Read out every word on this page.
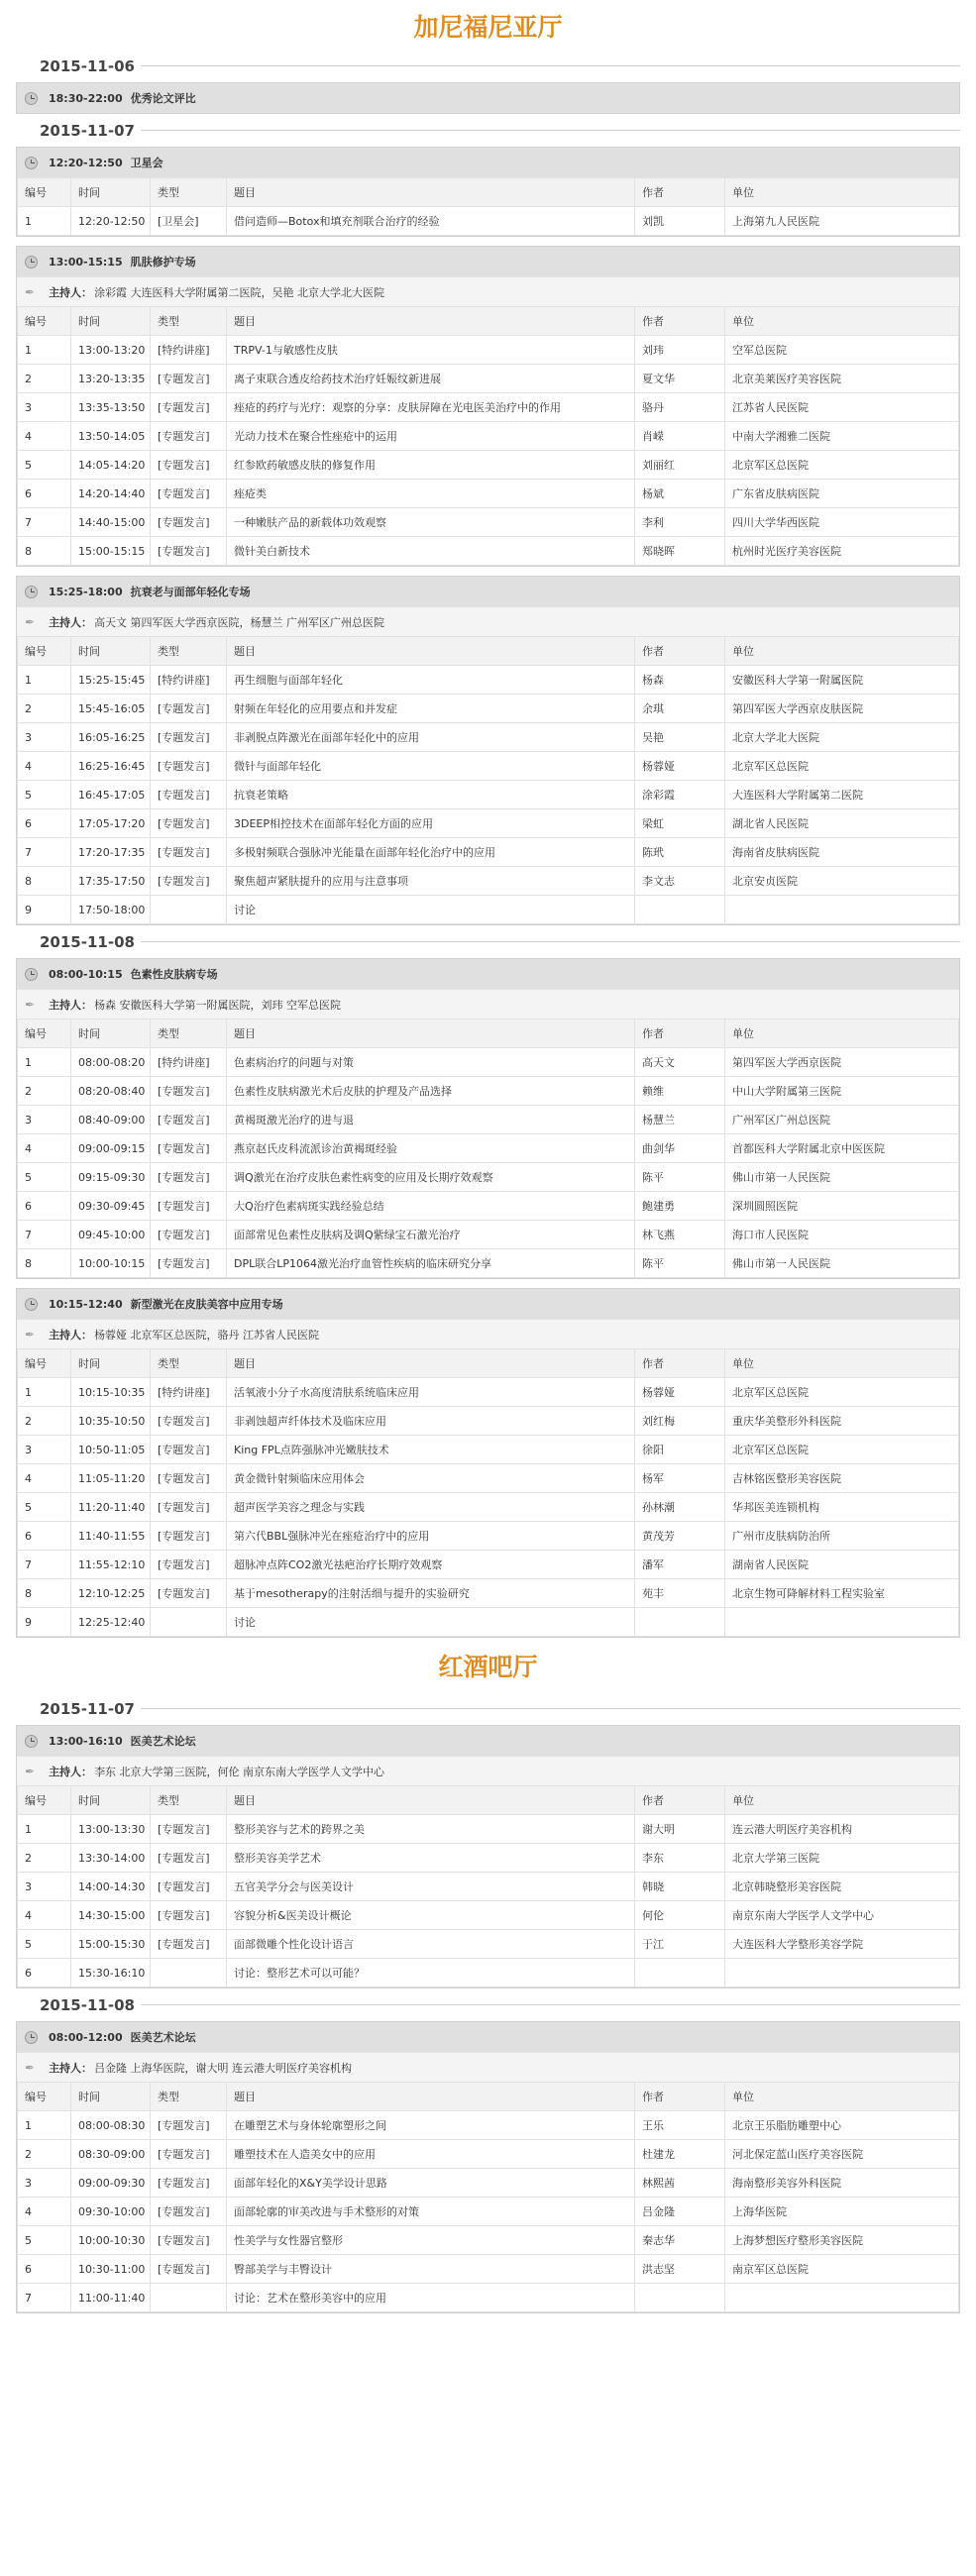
加尼福尼亚厅
2015-11-06
18:30-22:00 优秀论文评比
2015-11-07
12:20-12:50 卫星会
编号	时间	类型	题目	作者	单位
1	12:20-12:50	[卫星会]	借问造师—Botox和填充剂联合治疗的经验	刘凯	上海第九人民医院
13:00-15:15 肌肤修护专场
✒ 主持人： 涂彩霞 大连医科大学附属第二医院，吴艳 北京大学北大医院
编号	时间	类型	题目	作者	单位
1	13:00-13:20	[特约讲座]	TRPV-1与敏感性皮肤	刘玮	空军总医院
2	13:20-13:35	[专题发言]	离子束联合透皮给药技术治疗妊娠纹新进展	夏文华	北京美莱医疗美容医院
3	13:35-13:50	[专题发言]	痤疮的药疗与光疗：观察的分享：皮肤屏障在光电医美治疗中的作用	骆丹	江苏省人民医院
4	13:50-14:05	[专题发言]	光动力技术在聚合性痤疮中的运用	肖嵘	中南大学湘雅二医院
5	14:05-14:20	[专题发言]	红参欧药敏感皮肤的修复作用	刘丽红	北京军区总医院
6	14:20-14:40	[专题发言]	痤疮类	杨斌	广东省皮肤病医院
7	14:40-15:00	[专题发言]	一种嫩肤产品的新载体功效观察	李利	四川大学华西医院
8	15:00-15:15	[专题发言]	微针美白新技术	郑晓晖	杭州时光医疗美容医院
15:25-18:00 抗衰老与面部年轻化专场
✒ 主持人： 高天文 第四军医大学西京医院，杨慧兰 广州军区广州总医院
编号	时间	类型	题目	作者	单位
1	15:25-15:45	[特约讲座]	再生细胞与面部年轻化	杨森	安徽医科大学第一附属医院
2	15:45-16:05	[专题发言]	射频在年轻化的应用要点和并发症	余琪	第四军医大学西京皮肤医院
3	16:05-16:25	[专题发言]	非剥脱点阵激光在面部年轻化中的应用	吴艳	北京大学北大医院
4	16:25-16:45	[专题发言]	微针与面部年轻化	杨蓉娅	北京军区总医院
5	16:45-17:05	[专题发言]	抗衰老策略	涂彩霞	大连医科大学附属第二医院
6	17:05-17:20	[专题发言]	3DEEP相控技术在面部年轻化方面的应用	梁虹	湖北省人民医院
7	17:20-17:35	[专题发言]	多极射频联合强脉冲光能量在面部年轻化治疗中的应用	陈玳	海南省皮肤病医院
8	17:35-17:50	[专题发言]	聚焦超声紧肤提升的应用与注意事项	李文志	北京安贞医院
9	17:50-18:00		讨论		
2015-11-08
08:00-10:15 色素性皮肤病专场
✒ 主持人： 杨森 安徽医科大学第一附属医院，刘玮 空军总医院
编号	时间	类型	题目	作者	单位
1	08:00-08:20	[特约讲座]	色素病治疗的问题与对策	高天文	第四军医大学西京医院
2	08:20-08:40	[专题发言]	色素性皮肤病激光术后皮肤的护理及产品选择	赖维	中山大学附属第三医院
3	08:40-09:00	[专题发言]	黄褐斑激光治疗的进与退	杨慧兰	广州军区广州总医院
4	09:00-09:15	[专题发言]	燕京赵氏皮科流派诊治黄褐斑经验	曲剑华	首都医科大学附属北京中医医院
5	09:15-09:30	[专题发言]	调Q激光在治疗皮肤色素性病变的应用及长期疗效观察	陈平	佛山市第一人民医院
6	09:30-09:45	[专题发言]	大Q治疗色素病斑实践经验总结	鲍建勇	深圳圆照医院
7	09:45-10:00	[专题发言]	面部常见色素性皮肤病及调Q紫绿宝石激光治疗	林飞燕	海口市人民医院
8	10:00-10:15	[专题发言]	DPL联合LP1064激光治疗血管性疾病的临床研究分享	陈平	佛山市第一人民医院
10:15-12:40 新型激光在皮肤美容中应用专场
✒ 主持人： 杨蓉娅 北京军区总医院，骆丹 江苏省人民医院
编号	时间	类型	题目	作者	单位
1	10:15-10:35	[特约讲座]	活氧液小分子水高度清肤系统临床应用	杨蓉娅	北京军区总医院
2	10:35-10:50	[专题发言]	非剥蚀超声纤体技术及临床应用	刘红梅	重庆华美整形外科医院
3	10:50-11:05	[专题发言]	King FPL点阵强脉冲光嫩肤技术	徐阳	北京军区总医院
4	11:05-11:20	[专题发言]	黄金微针射频临床应用体会	杨军	吉林铭医整形美容医院
5	11:20-11:40	[专题发言]	超声医学美容之理念与实践	孙林潮	华邦医美连锁机构
6	11:40-11:55	[专题发言]	第六代BBL强脉冲光在痤疮治疗中的应用	黄茂芳	广州市皮肤病防治所
7	11:55-12:10	[专题发言]	超脉冲点阵CO2激光祛疤治疗长期疗效观察	潘军	湖南省人民医院
8	12:10-12:25	[专题发言]	基于mesotherapy的注射活细与提升的实验研究	苑丰	北京生物可降解材料工程实验室
9	12:25-12:40		讨论		
红酒吧厅
2015-11-07
13:00-16:10 医美艺术论坛
✒ 主持人： 李东 北京大学第三医院，何伦 南京东南大学医学人文学中心
编号	时间	类型	题目	作者	单位
1	13:00-13:30	[专题发言]	整形美容与艺术的跨界之美	谢大明	连云港大明医疗美容机构
2	13:30-14:00	[专题发言]	整形美容美学艺术	李东	北京大学第三医院
3	14:00-14:30	[专题发言]	五官美学分会与医美设计	韩晓	北京韩晓整形美容医院
4	14:30-15:00	[专题发言]	容貌分析&医美设计概论	何伦	南京东南大学医学人文学中心
5	15:00-15:30	[专题发言]	面部微雕个性化设计语言	于江	大连医科大学整形美容学院
6	15:30-16:10		讨论：整形艺术可以可能？		
2015-11-08
08:00-12:00 医美艺术论坛
✒ 主持人： 吕金隆 上海华医院，谢大明 连云港大明医疗美容机构
编号	时间	类型	题目	作者	单位
1	08:00-08:30	[专题发言]	在雕塑艺术与身体轮廓塑形之间	王乐	北京王乐脂肪雕塑中心
2	08:30-09:00	[专题发言]	雕塑技术在人造美女中的应用	杜建龙	河北保定蓝山医疗美容医院
3	09:00-09:30	[专题发言]	面部年轻化的X&Y美学设计思路	林熙茜	海南整形美容外科医院
4	09:30-10:00	[专题发言]	面部轮廓的审美改进与手术整形的对策	吕金隆	上海华医院
5	10:00-10:30	[专题发言]	性美学与女性器官整形	秦志华	上海梦想医疗整形美容医院
6	10:30-11:00	[专题发言]	臀部美学与丰臀设计	洪志坚	南京军区总医院
7	11:00-11:40		讨论：艺术在整形美容中的应用		
